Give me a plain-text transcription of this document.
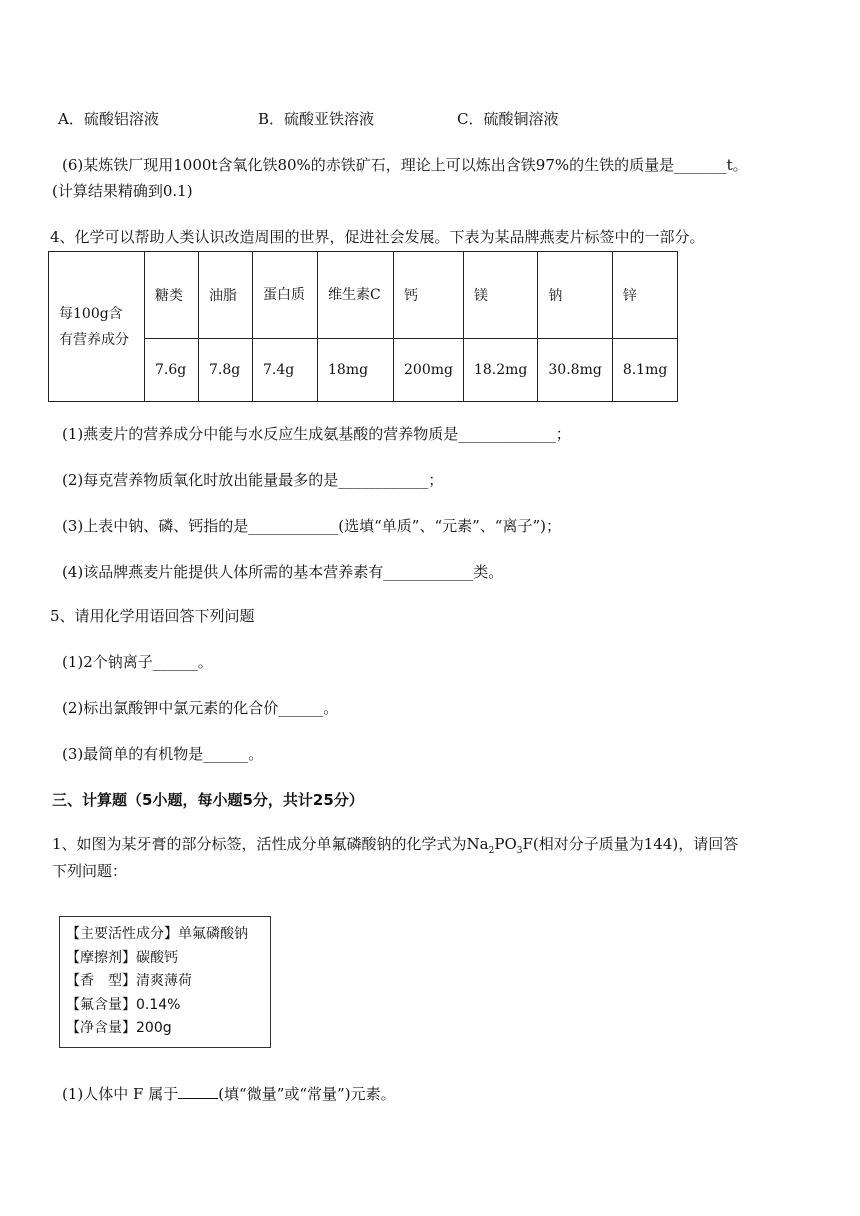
A．硫酸铝溶液	B．硫酸亚铁溶液	C．硫酸铜溶液
(6)某炼铁厂现用1000t含氧化铁80%的赤铁矿石，理论上可以炼出含铁97%的生铁的质量是_______t。
(计算结果精确到0.1)
4、化学可以帮助人类认识改造周围的世界，促进社会发展。下表为某品牌燕麦片标签中的一部分。
每100g含有营养成分	糖类	油脂	蛋白质	维生素C	钙	镁	钠	锌
	7.6g	7.8g	7.4g	18mg	200mg	18.2mg	30.8mg	8.1mg
(1)燕麦片的营养成分中能与水反应生成氨基酸的营养物质是_____________；
(2)每克营养物质氧化时放出能量最多的是____________；
(3)上表中钠、磷、钙指的是____________(选填“单质”、“元素”、“离子”)；
(4)该品牌燕麦片能提供人体所需的基本营养素有____________类。
5、请用化学用语回答下列问题
(1)2个钠离子______。
(2)标出氯酸钾中氯元素的化合价______。
(3)最简单的有机物是______。
三、计算题（5小题，每小题5分，共计25分）
1、如图为某牙膏的部分标签，活性成分单氟磷酸钠的化学式为$Na_2PO_3F$(相对分子质量为144)，请回答
下列问题：
【主要活性成分】单氟磷酸钠
【摩擦剂】碳酸钙
【香　型】清爽薄荷
【氟含量】0.14%
【净含量】200g
(1)人体中 F 属于	(填“微量”或“常量”)元素。
